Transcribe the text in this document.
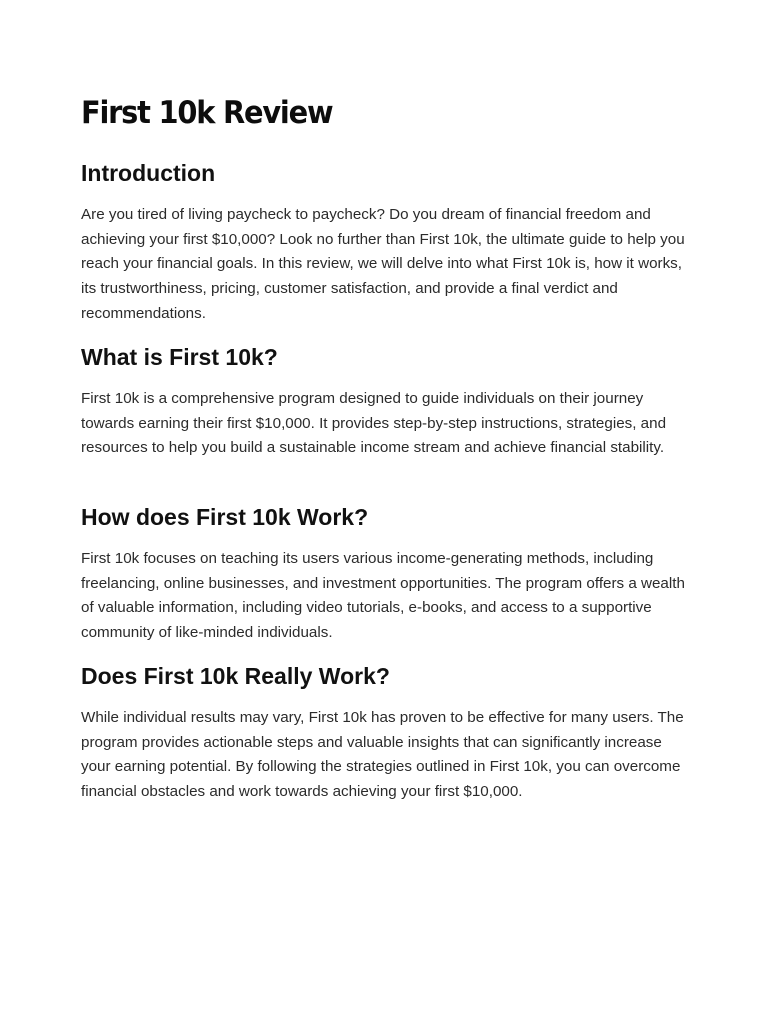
First 10k Review
Introduction

Are you tired of living paycheck to paycheck? Do you dream of financial freedom and achieving your first $10,000? Look no further than First 10k, the ultimate guide to help you reach your financial goals. In this review, we will delve into what First 10k is, how it works, its trustworthiness, pricing, customer satisfaction, and provide a final verdict and recommendations.

What is First 10k?

First 10k is a comprehensive program designed to guide individuals on their journey towards earning their first $10,000. It provides step-by-step instructions, strategies, and resources to help you build a sustainable income stream and achieve financial stability.

How does First 10k Work?

First 10k focuses on teaching its users various income-generating methods, including freelancing, online businesses, and investment opportunities. The program offers a wealth of valuable information, including video tutorials, e-books, and access to a supportive community of like-minded individuals.

Does First 10k Really Work?

While individual results may vary, First 10k has proven to be effective for many users. The program provides actionable steps and valuable insights that can significantly increase your earning potential. By following the strategies outlined in First 10k, you can overcome financial obstacles and work towards achieving your first $10,000.
